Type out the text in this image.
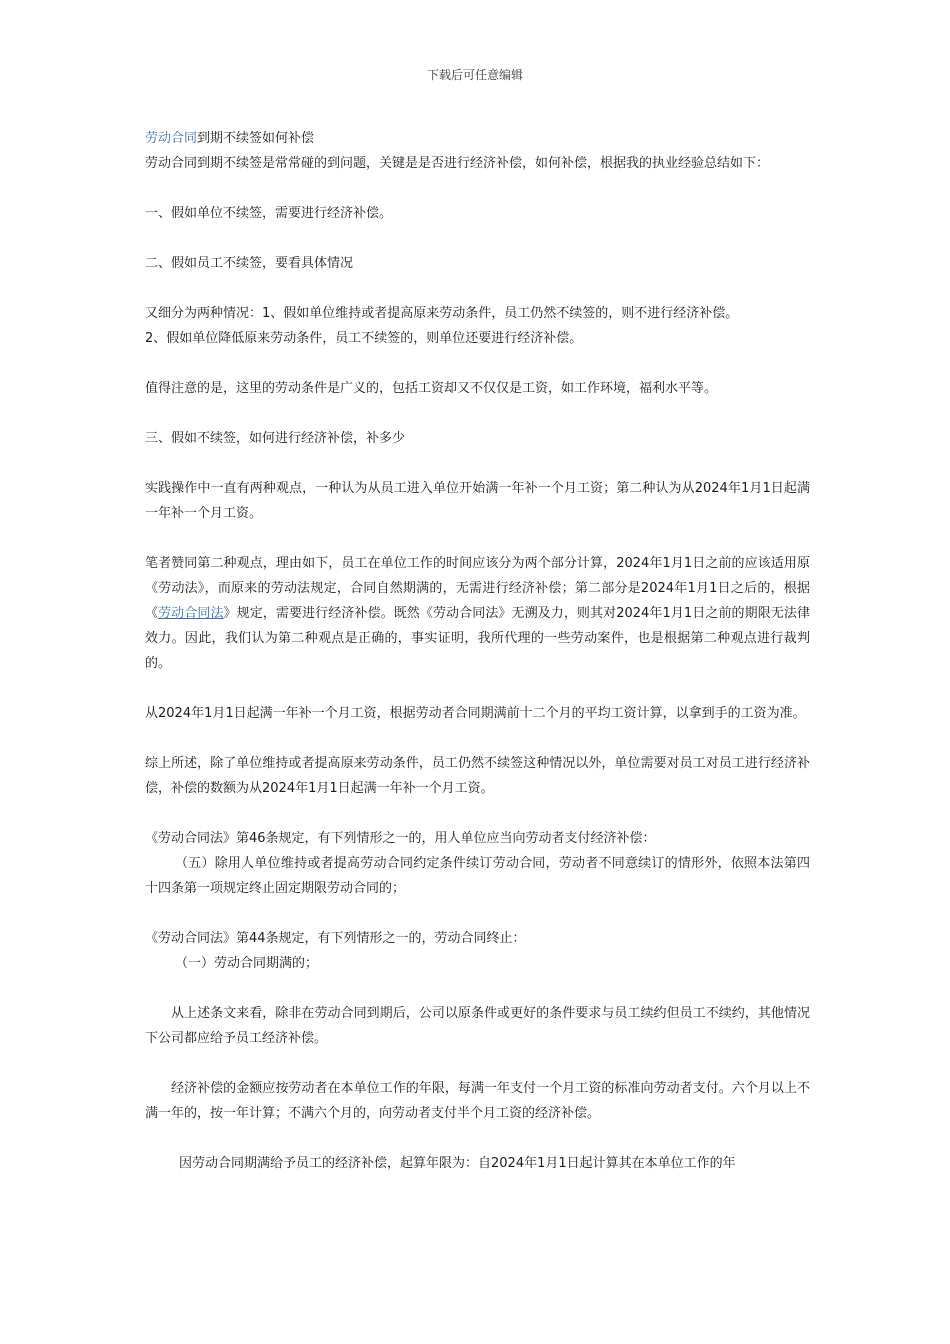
下载后可任意编辑

劳动合同到期不续签如何补偿

劳动合同到期不续签是常常碰的到问题，关键是是否进行经济补偿，如何补偿，根据我的执业经验总结如下：

一、假如单位不续签，需要进行经济补偿。

二、假如员工不续签，要看具体情况

又细分为两种情况：1、假如单位维持或者提高原来劳动条件，员工仍然不续签的，则不进行经济补偿。

2、假如单位降低原来劳动条件，员工不续签的，则单位还要进行经济补偿。

值得注意的是，这里的劳动条件是广义的，包括工资却又不仅仅是工资，如工作环境，福利水平等。

三、假如不续签，如何进行经济补偿，补多少

实践操作中一直有两种观点，一种认为从员工进入单位开始满一年补一个月工资；第二种认为从2024年1月1日起满一年补一个月工资。

笔者赞同第二种观点，理由如下，员工在单位工作的时间应该分为两个部分计算，2024年1月1日之前的应该适用原《劳动法》，而原来的劳动法规定，合同自然期满的，无需进行经济补偿；第二部分是2024年1月1日之后的，根据《劳动合同法》规定，需要进行经济补偿。既然《劳动合同法》无溯及力，则其对2024年1月1日之前的期限无法律效力。因此，我们认为第二种观点是正确的，事实证明，我所代理的一些劳动案件，也是根据第二种观点进行裁判的。

从2024年1月1日起满一年补一个月工资，根据劳动者合同期满前十二个月的平均工资计算，以拿到手的工资为准。

综上所述，除了单位维持或者提高原来劳动条件，员工仍然不续签这种情况以外，单位需要对员工对员工进行经济补偿，补偿的数额为从2024年1月1日起满一年补一个月工资。

《劳动合同法》第46条规定，有下列情形之一的，用人单位应当向劳动者支付经济补偿：

（五）除用人单位维持或者提高劳动合同约定条件续订劳动合同，劳动者不同意续订的情形外，依照本法第四十四条第一项规定终止固定期限劳动合同的；

《劳动合同法》第44条规定，有下列情形之一的，劳动合同终止：

（一）劳动合同期满的；

从上述条文来看，除非在劳动合同到期后，公司以原条件或更好的条件要求与员工续约但员工不续约，其他情况下公司都应给予员工经济补偿。

经济补偿的金额应按劳动者在本单位工作的年限，每满一年支付一个月工资的标准向劳动者支付。六个月以上不满一年的，按一年计算；不满六个月的，向劳动者支付半个月工资的经济补偿。

因劳动合同期满给予员工的经济补偿，起算年限为：自2024年1月1日起计算其在本单位工作的年
